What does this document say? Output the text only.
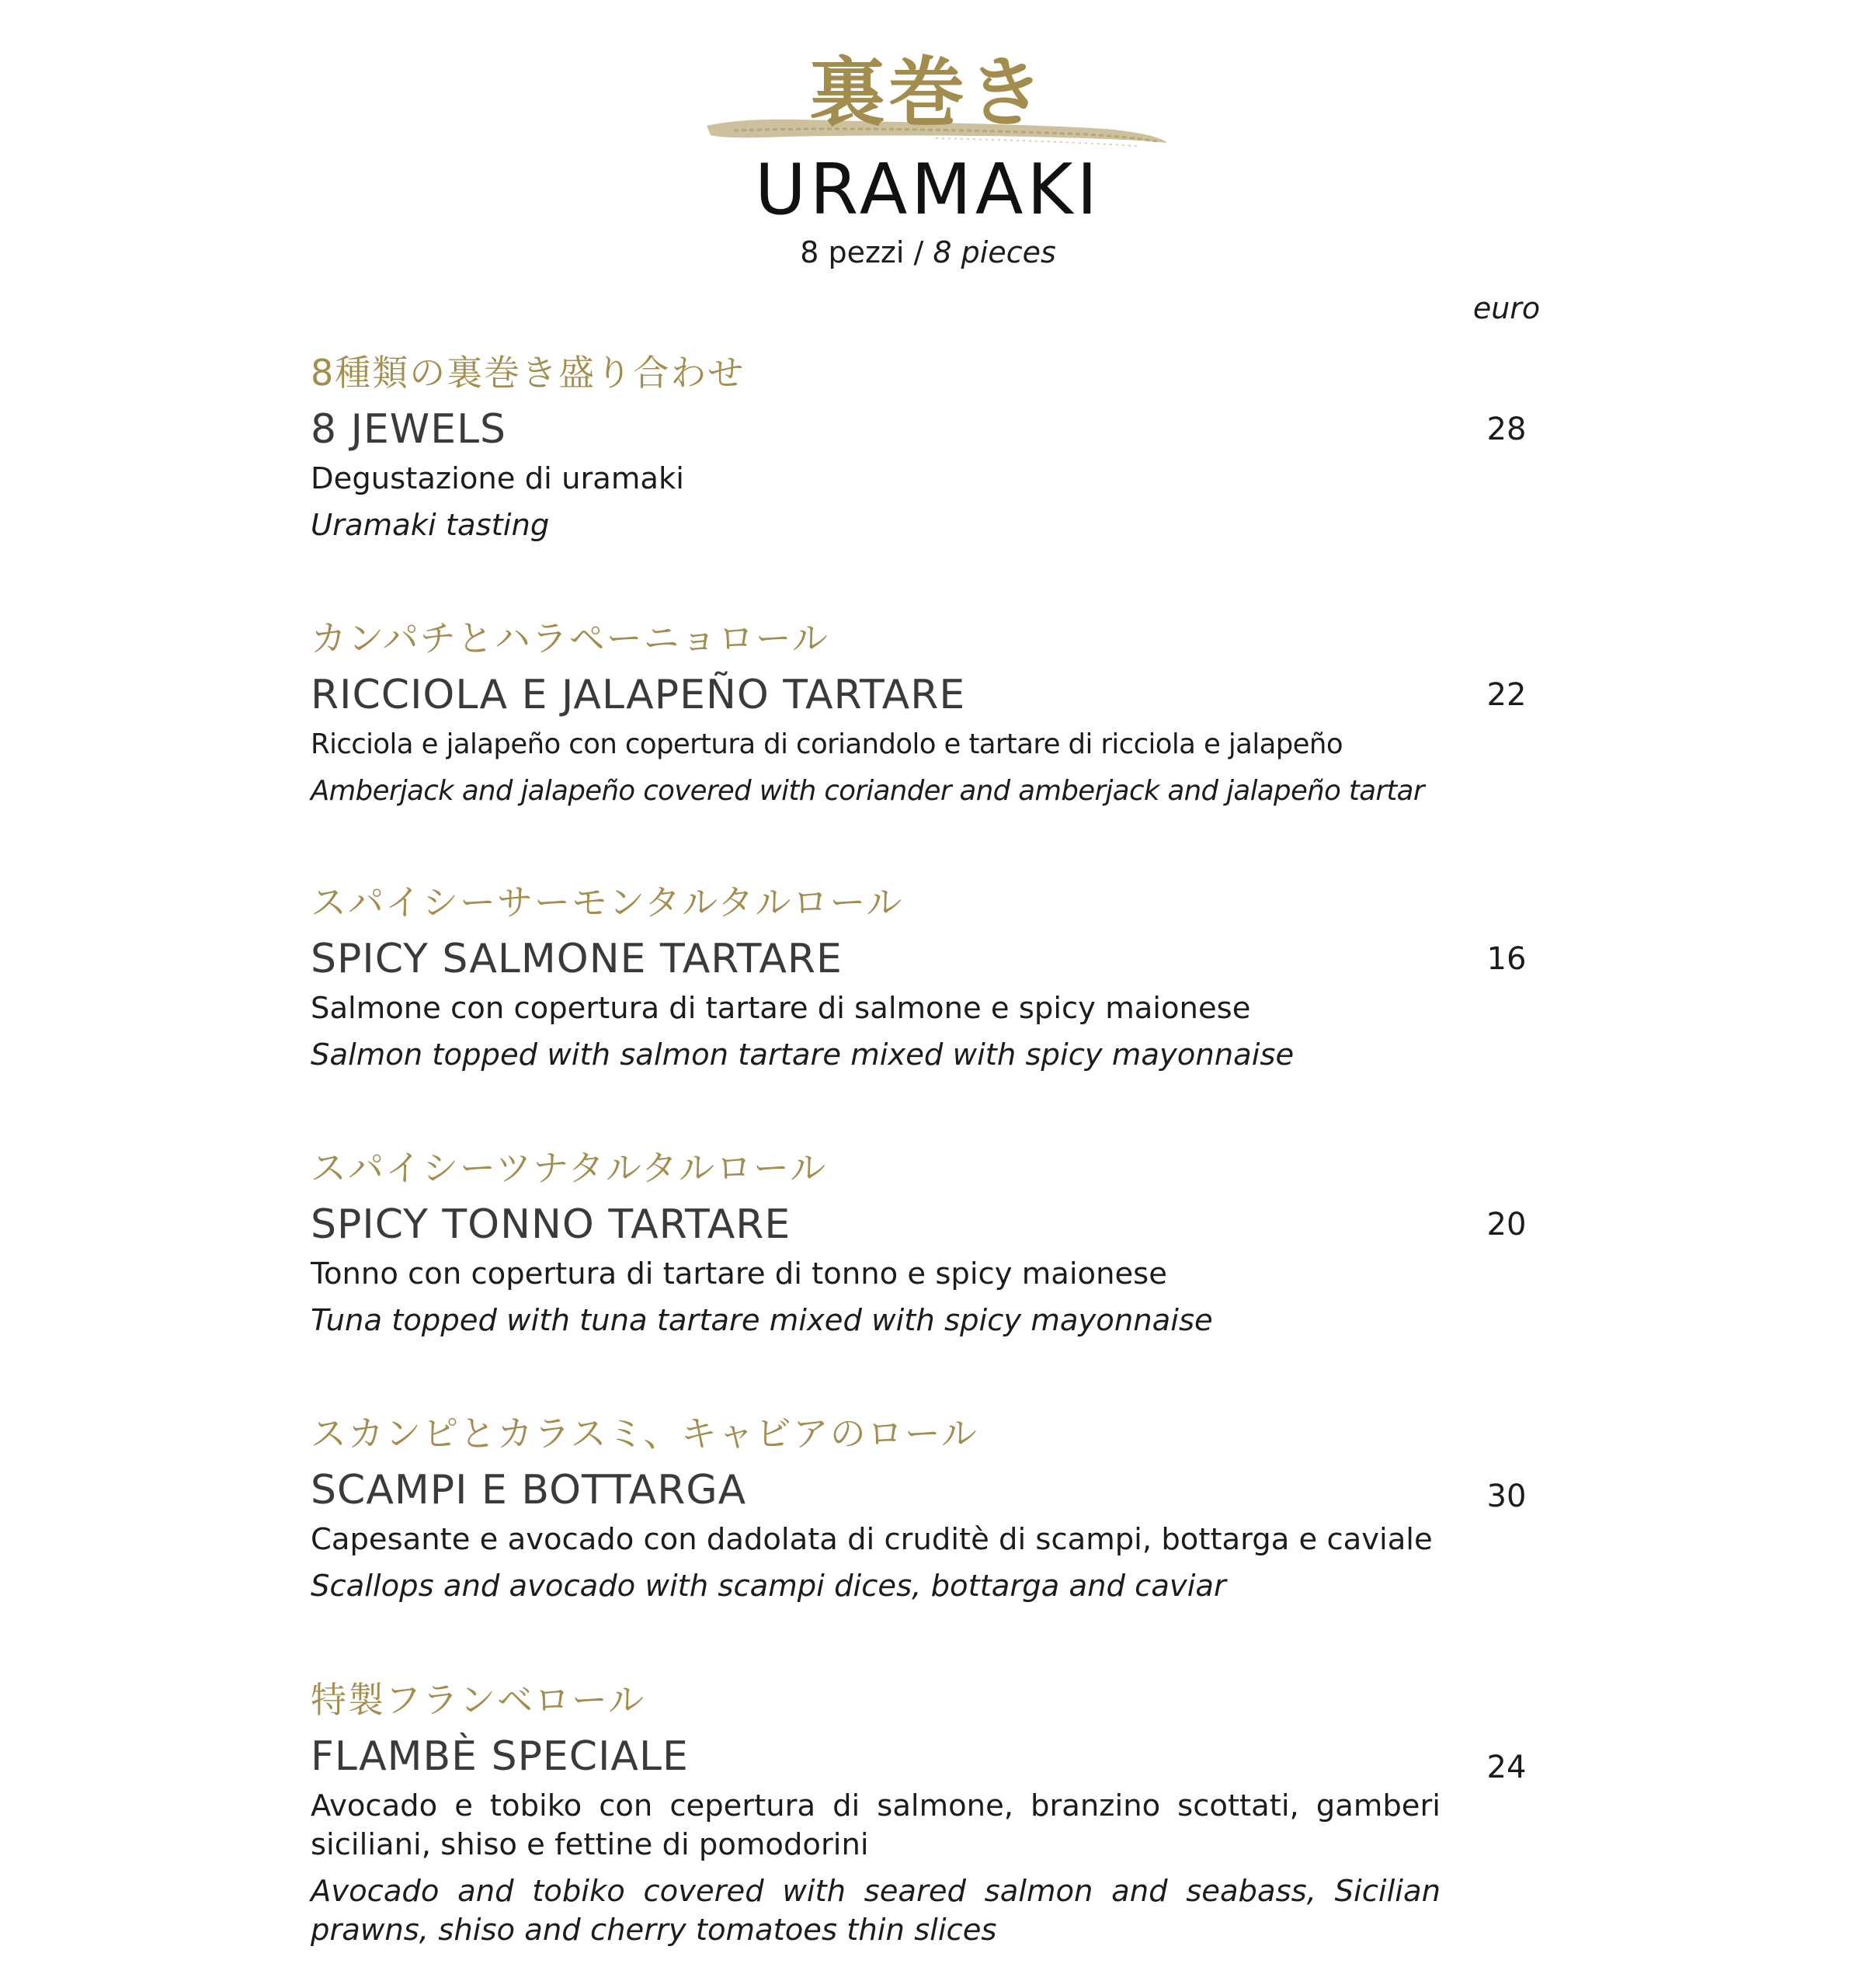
裏巻き
URAMAKI
8 pezzi / 8 pieces
euro
8種類の裏巻き盛り合わせ
8 JEWELS
Degustazione di uramaki
Uramaki tasting
28
カンパチとハラペーニョロール
RICCIOLA E JALAPEÑO TARTARE
Ricciola e jalapeño con copertura di coriandolo e tartare di ricciola e jalapeño
Amberjack and jalapeño covered with coriander and amberjack and jalapeño tartar
22
スパイシーサーモンタルタルロール
SPICY SALMONE TARTARE
Salmone con copertura di tartare di salmone e spicy maionese
Salmon topped with salmon tartare mixed with spicy mayonnaise
16
スパイシーツナタルタルロール
SPICY TONNO TARTARE
Tonno con copertura di tartare di tonno e spicy maionese
Tuna topped with tuna tartare mixed with spicy mayonnaise
20
スカンピとカラスミ、キャビアのロール
SCAMPI E BOTTARGA
Capesante e avocado con dadolata di cruditè di scampi, bottarga e caviale
Scallops and avocado with scampi dices, bottarga and caviar
30
特製フランベロール
FLAMBÈ SPECIALE
Avocado e tobiko con cepertura di salmone, branzino scottati, gamberi siciliani, shiso e fettine di pomodorini
Avocado and tobiko covered with seared salmon and seabass, Sicilian prawns, shiso and cherry tomatoes thin slices
24
